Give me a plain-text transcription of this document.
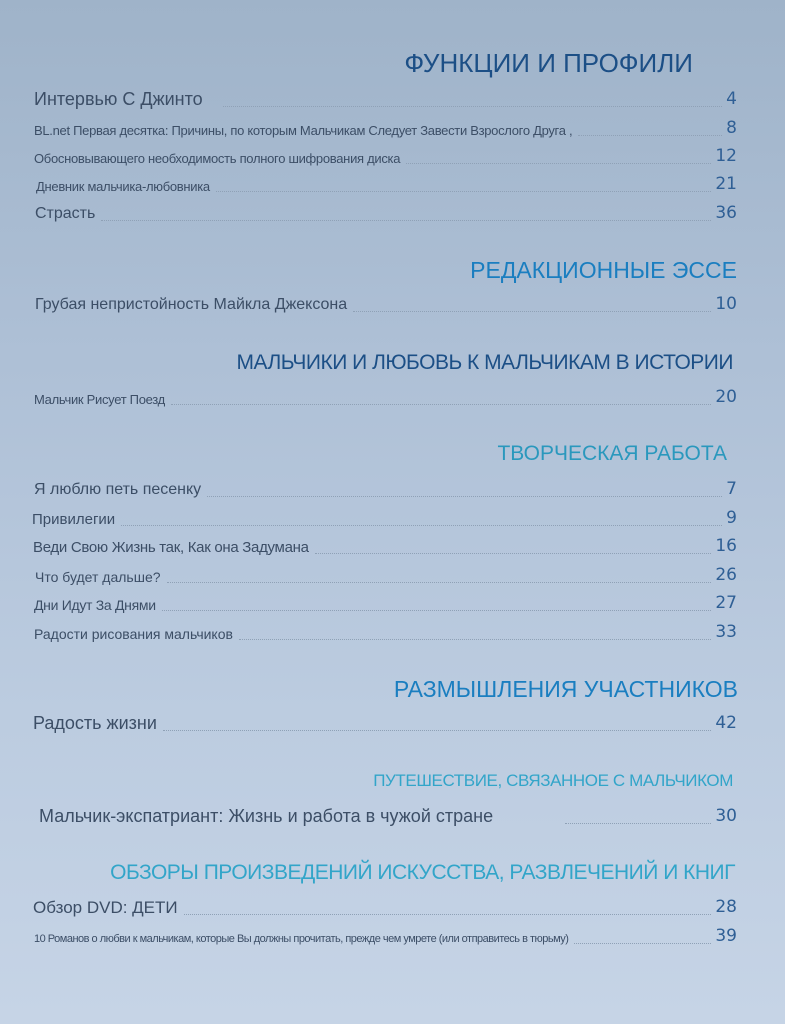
ФУНКЦИИ И ПРОФИЛИ
Интервью С Джинто	4
BL.net Первая десятка: Причины, по которым Мальчикам Следует Завести Взрослого Друга ,	8
Обосновывающего необходимость полного шифрования диска	12
Дневник мальчика-любовника	21
Страсть	36
РЕДАКЦИОННЫЕ ЭССЕ
Грубая непристойность Майкла Джексона	10
МАЛЬЧИКИ И ЛЮБОВЬ К МАЛЬЧИКАМ В ИСТОРИИ
Мальчик Рисует Поезд	20
ТВОРЧЕСКАЯ РАБОТА
Я люблю петь песенку	7
Привилегии	9
Веди Свою Жизнь так, Как она Задумана	16
Что будет дальше?	26
Дни Идут За Днями	27
Радости рисования мальчиков	33
РАЗМЫШЛЕНИЯ УЧАСТНИКОВ
Радость жизни	42
ПУТЕШЕСТВИЕ, СВЯЗАННОЕ С МАЛЬЧИКОМ
Мальчик-экспатриант: Жизнь и работа в чужой стране	30
ОБЗОРЫ ПРОИЗВЕДЕНИЙ ИСКУССТВА, РАЗВЛЕЧЕНИЙ И КНИГ
Обзор DVD: ДЕТИ	28
10 Романов о любви к мальчикам, которые Вы должны прочитать, прежде чем умрете (или отправитесь в тюрьму)	39
